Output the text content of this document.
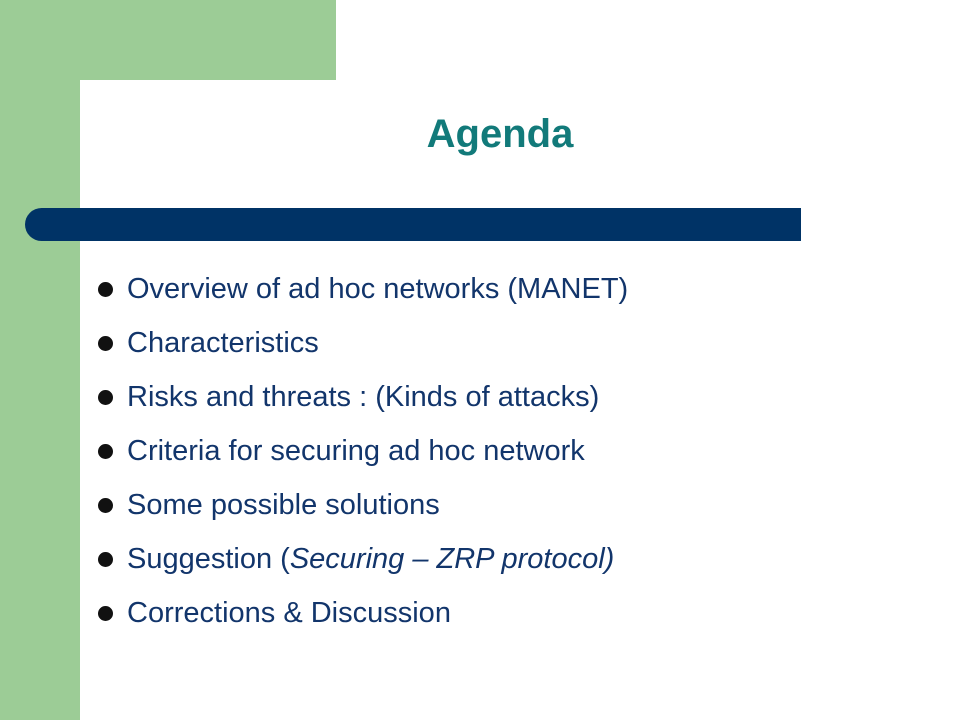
Agenda
Overview of ad hoc networks (MANET)
Characteristics
Risks and threats : (Kinds of attacks)
Criteria for securing ad hoc network
Some possible solutions
Suggestion (Securing – ZRP protocol)
Corrections & Discussion
